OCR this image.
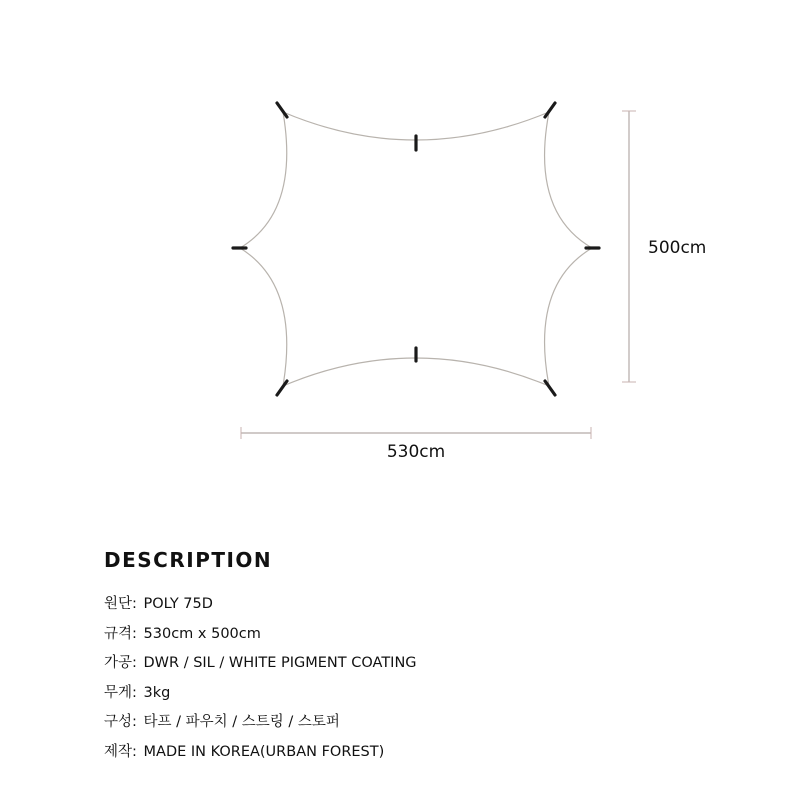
500cm
530cm
DESCRIPTION
원단: POLY 75D
규격: 530cm x 500cm
가공: DWR / SIL / WHITE PIGMENT COATING
무게: 3kg
구성: 타프 / 파우치 / 스트링 / 스토퍼
제작: MADE IN KOREA(URBAN FOREST)
